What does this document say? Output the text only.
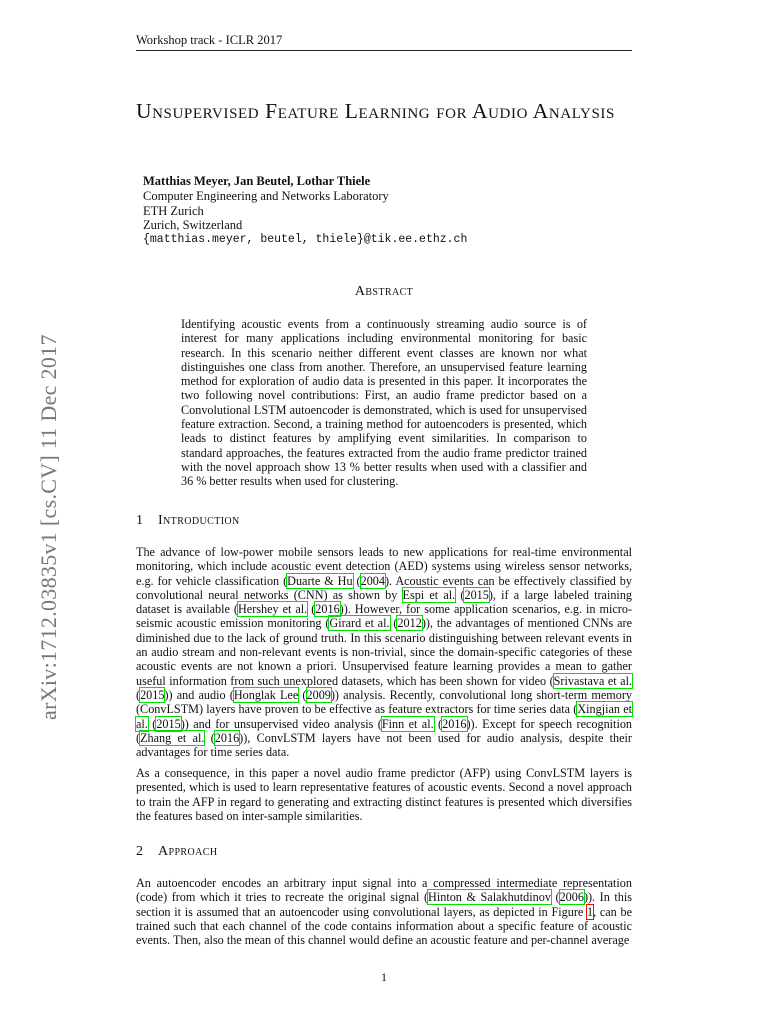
Workshop track - ICLR 2017
arXiv:1712.03835v1 [cs.CV] 11 Dec 2017
Unsupervised Feature Learning for Audio Analysis
Matthias Meyer, Jan Beutel, Lothar Thiele
Computer Engineering and Networks Laboratory
ETH Zurich
Zurich, Switzerland
{matthias.meyer, beutel, thiele}@tik.ee.ethz.ch
Abstract
Identifying acoustic events from a continuously streaming audio source is of interest for many applications including environmental monitoring for basic research. In this scenario neither different event classes are known nor what distinguishes one class from another. Therefore, an unsupervised feature learning method for exploration of audio data is presented in this paper. It incorporates the two following novel contributions: First, an audio frame predictor based on a Convolutional LSTM autoencoder is demonstrated, which is used for unsupervised feature extraction. Second, a training method for autoencoders is presented, which leads to distinct features by amplifying event similarities. In comparison to standard approaches, the features extracted from the audio frame predictor trained with the novel approach show 13 % better results when used with a classifier and 36 % better results when used for clustering.
1 Introduction
The advance of low-power mobile sensors leads to new applications for real-time environmental monitoring, which include acoustic event detection (AED) systems using wireless sensor networks, e.g. for vehicle classification (Duarte & Hu (2004). Acoustic events can be effectively classified by convolutional neural networks (CNN) as shown by Espi et al. (2015), if a large labeled training dataset is available (Hershey et al. (2016)). However, for some application scenarios, e.g. in micro-seismic acoustic emission monitoring (Girard et al. (2012)), the advantages of mentioned CNNs are diminished due to the lack of ground truth. In this scenario distinguishing between relevant events in an audio stream and non-relevant events is non-trivial, since the domain-specific categories of these acoustic events are not known a priori. Unsupervised feature learning provides a mean to gather useful information from such unexplored datasets, which has been shown for video (Srivastava et al. (2015)) and audio (Honglak Lee (2009)) analysis. Recently, convolutional long short-term memory (ConvLSTM) layers have proven to be effective as feature extractors for time series data (Xingjian et al. (2015)) and for unsupervised video analysis (Finn et al. (2016)). Except for speech recognition (Zhang et al. (2016)), ConvLSTM layers have not been used for audio analysis, despite their advantages for time series data.
As a consequence, in this paper a novel audio frame predictor (AFP) using ConvLSTM layers is presented, which is used to learn representative features of acoustic events. Second a novel approach to train the AFP in regard to generating and extracting distinct features is presented which diversifies the features based on inter-sample similarities.
2 Approach
An autoencoder encodes an arbitrary input signal into a compressed intermediate representation (code) from which it tries to recreate the original signal (Hinton & Salakhutdinov (2006)). In this section it is assumed that an autoencoder using convolutional layers, as depicted in Figure 1, can be trained such that each channel of the code contains information about a specific feature of acoustic events. Then, also the mean of this channel would define an acoustic feature and per-channel average
1
